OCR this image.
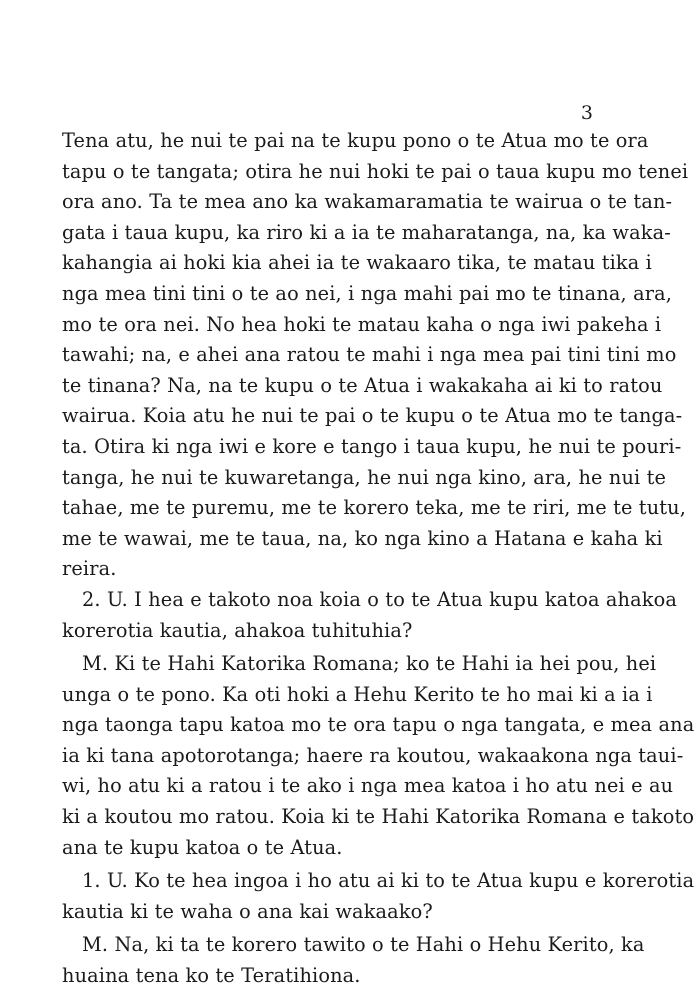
3
Tena atu, he nui te pai na te kupu pono o te Atua mo te ora
tapu o te tangata; otira he nui hoki te pai o taua kupu mo tenei
ora ano. Ta te mea ano ka wakamaramatia te wairua o te tan-
gata i taua kupu, ka riro ki a ia te maharatanga, na, ka waka-
kahangia ai hoki kia ahei ia te wakaaro tika, te matau tika i
nga mea tini tini o te ao nei, i nga mahi pai mo te tinana, ara,
mo te ora nei. No hea hoki te matau kaha o nga iwi pakeha i
tawahi; na, e ahei ana ratou te mahi i nga mea pai tini tini mo
te tinana? Na, na te kupu o te Atua i wakakaha ai ki to ratou
wairua. Koia atu he nui te pai o te kupu o te Atua mo te tanga-
ta. Otira ki nga iwi e kore e tango i taua kupu, he nui te pouri-
tanga, he nui te kuwaretanga, he nui nga kino, ara, he nui te
tahae, me te puremu, me te korero teka, me te riri, me te tutu,
me te wawai, me te taua, na, ko nga kino a Hatana e kaha ki
reira.
2. U. I hea e takoto noa koia o to te Atua kupu katoa ahakoa
korerotia kautia, ahakoa tuhituhia?
M. Ki te Hahi Katorika Romana; ko te Hahi ia hei pou, hei
unga o te pono. Ka oti hoki a Hehu Kerito te ho mai ki a ia i
nga taonga tapu katoa mo te ora tapu o nga tangata, e mea ana
ia ki tana apotorotanga; haere ra koutou, wakaakona nga taui-
wi, ho atu ki a ratou i te ako i nga mea katoa i ho atu nei e au
ki a koutou mo ratou. Koia ki te Hahi Katorika Romana e takoto
ana te kupu katoa o te Atua.
1. U. Ko te hea ingoa i ho atu ai ki to te Atua kupu e korerotia
kautia ki te waha o ana kai wakaako?
M. Na, ki ta te korero tawito o te Hahi o Hehu Kerito, ka
huaina tena ko te Teratihiona.
